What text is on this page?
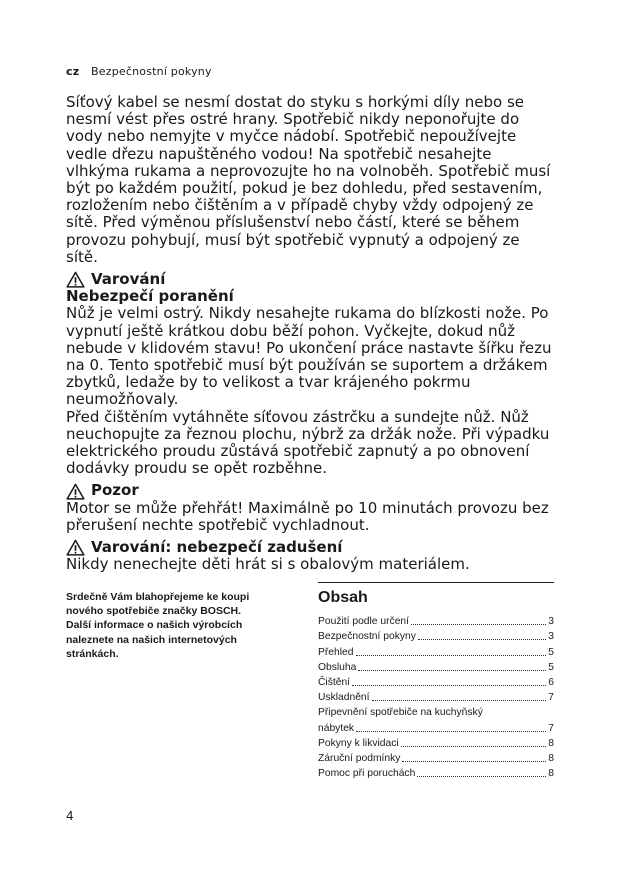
cz Bezpečnostní pokyny

Síťový kabel se nesmí dostat do styku s horkými díly nebo se nesmí vést přes ostré hrany. Spotřebič nikdy neponořujte do vody nebo nemyjte v myčce nádobí. Spotřebič nepoužívejte vedle dřezu napuštěného vodou! Na spotřebič nesahejte vlhkýma rukama a neprovozujte ho na volnoběh. Spotřebič musí být po každém použití, pokud je bez dohledu, před sestavením, rozložením nebo čištěním a v případě chyby vždy odpojený ze sítě. Před výměnou příslušenství nebo částí, které se během provozu pohybují, musí být spotřebič vypnutý a odpojený ze sítě.

Varování
Nebezpečí poranění

Nůž je velmi ostrý. Nikdy nesahejte rukama do blízkosti nože. Po vypnutí ještě krátkou dobu běží pohon. Vyčkejte, dokud nůž nebude v klidovém stavu! Po ukončení práce nastavte šířku řezu na 0. Tento spotřebič musí být používán se suportem a držákem zbytků, ledaže by to velikost a tvar krájeného pokrmu neumožňovaly.

Před čištěním vytáhněte síťovou zástrčku a sundejte nůž. Nůž neuchopujte za řeznou plochu, nýbrž za držák nože. Při výpadku elektrického proudu zůstává spotřebič zapnutý a po obnovení dodávky proudu se opět rozběhne.

Pozor

Motor se může přehřát! Maximálně po 10 minutách provozu bez přerušení nechte spotřebič vychladnout.

Varování: nebezpečí zadušení

Nikdy nenechejte děti hrát si s obalovým materiálem.

Srdečně Vám blahopřejeme ke koupi nového spotřebiče značky BOSCH.
Další informace o našich výrobcích naleznete na našich internetových stránkách.
Obsah
Použití podle určení	3
Bezpečnostní pokyny	3
Přehled	5
Obsluha	5
Čištění	6
Uskladnění	7
Připevnění spotřebiče na kuchyňský
nábytek	7
Pokyny k likvidaci	8
Záruční podmínky	8
Pomoc při poruchách	8
4
